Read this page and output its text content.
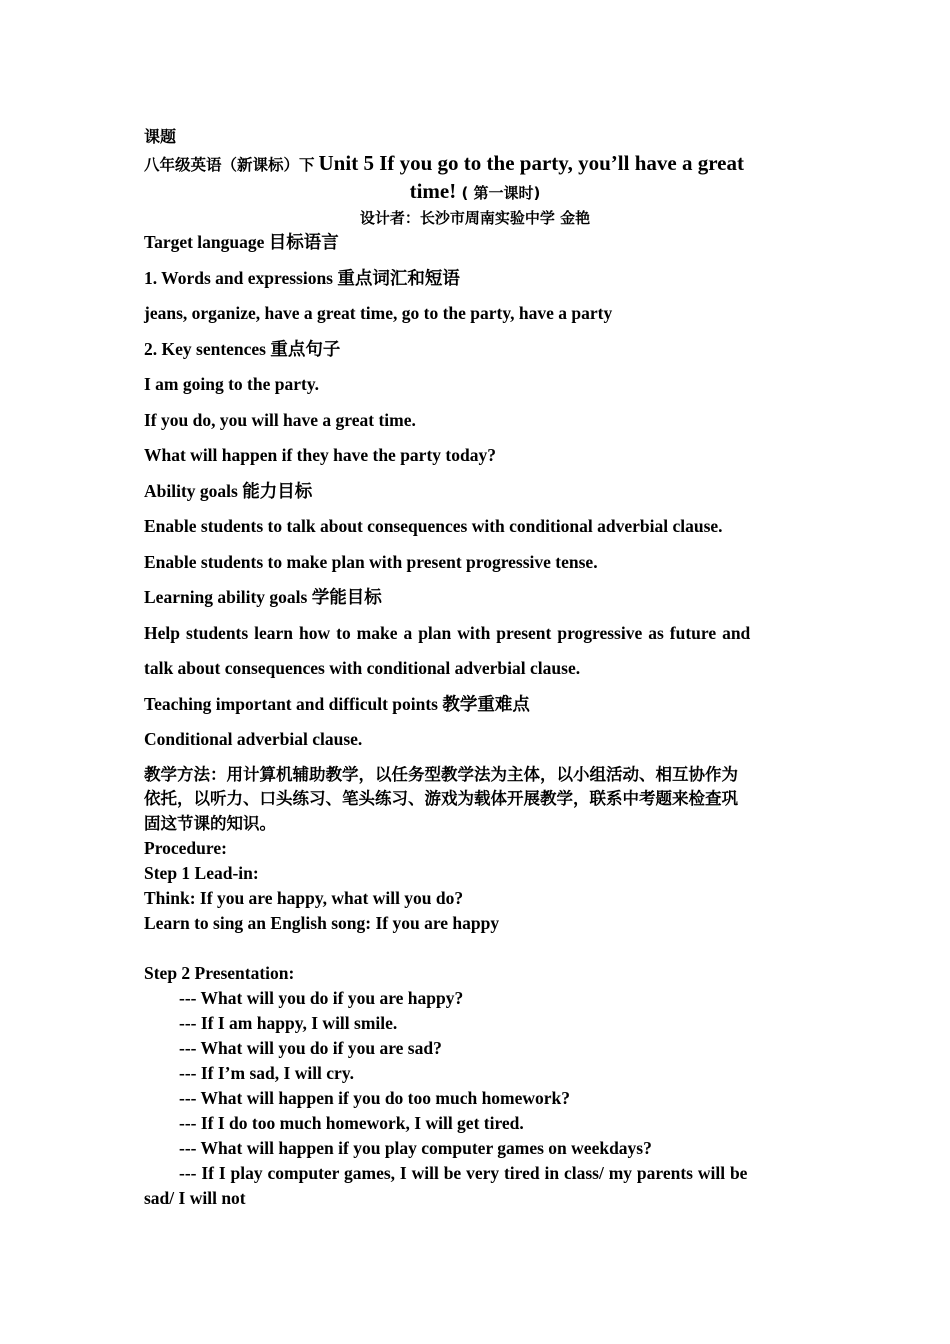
课题
八年级英语（新课标）下 Unit 5 If you go to the party, you’ll have a great
time! ( 第一课时)
设计者：长沙市周南实验中学 金艳

Target language 目标语言

1. Words and expressions 重点词汇和短语

jeans, organize, have a great time, go to the party, have a party

2. Key sentences 重点句子

I am going to the party.

If you do, you will have a great time.

What will happen if they have the party today?

Ability goals 能力目标

Enable students to talk about consequences with conditional adverbial clause.

Enable students to make plan with present progressive tense.

Learning ability goals 学能目标

Help students learn how to make a plan with present progressive as future and

talk about consequences with conditional adverbial clause.

Teaching important and difficult points 教学重难点

Conditional adverbial clause.

教学方法：用计算机辅助教学，以任务型教学法为主体，以小组活动、相互协作为
依托，以听力、口头练习、笔头练习、游戏为载体开展教学，联系中考题来检查巩
固这节课的知识。

Procedure:

Step 1 Lead-in:

Think: If you are happy, what will you do?

Learn to sing an English song: If you are happy

Step 2 Presentation:

--- What will you do if you are happy?

--- If I am happy, I will smile.

--- What will you do if you are sad?

--- If I’m sad, I will cry.

--- What will happen if you do too much homework?

--- If I do too much homework, I will get tired.

--- What will happen if you play computer games on weekdays?

--- If I play computer games, I will be very tired in class/ my parents will be

sad/ I will not
